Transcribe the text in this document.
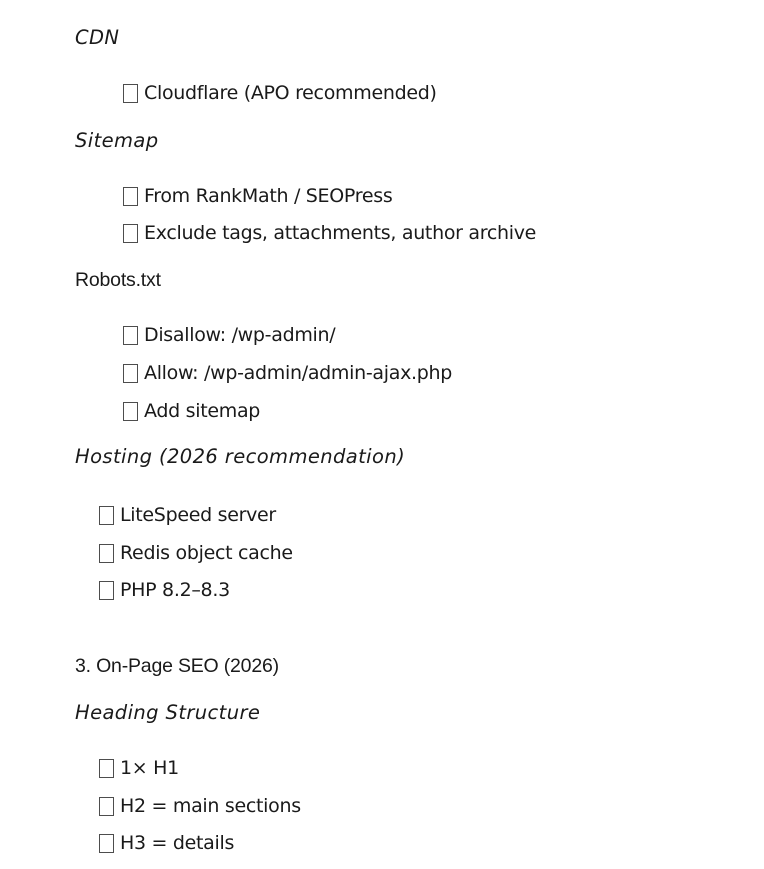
CDN
Cloudflare (APO recommended)
Sitemap
From RankMath / SEOPress
Exclude tags, attachments, author archive
Robots.txt
Disallow: /wp-admin/
Allow: /wp-admin/admin-ajax.php
Add sitemap
Hosting (2026 recommendation)
LiteSpeed server
Redis object cache
PHP 8.2–8.3
3. On-Page SEO (2026)
Heading Structure
1× H1
H2 = main sections
H3 = details
